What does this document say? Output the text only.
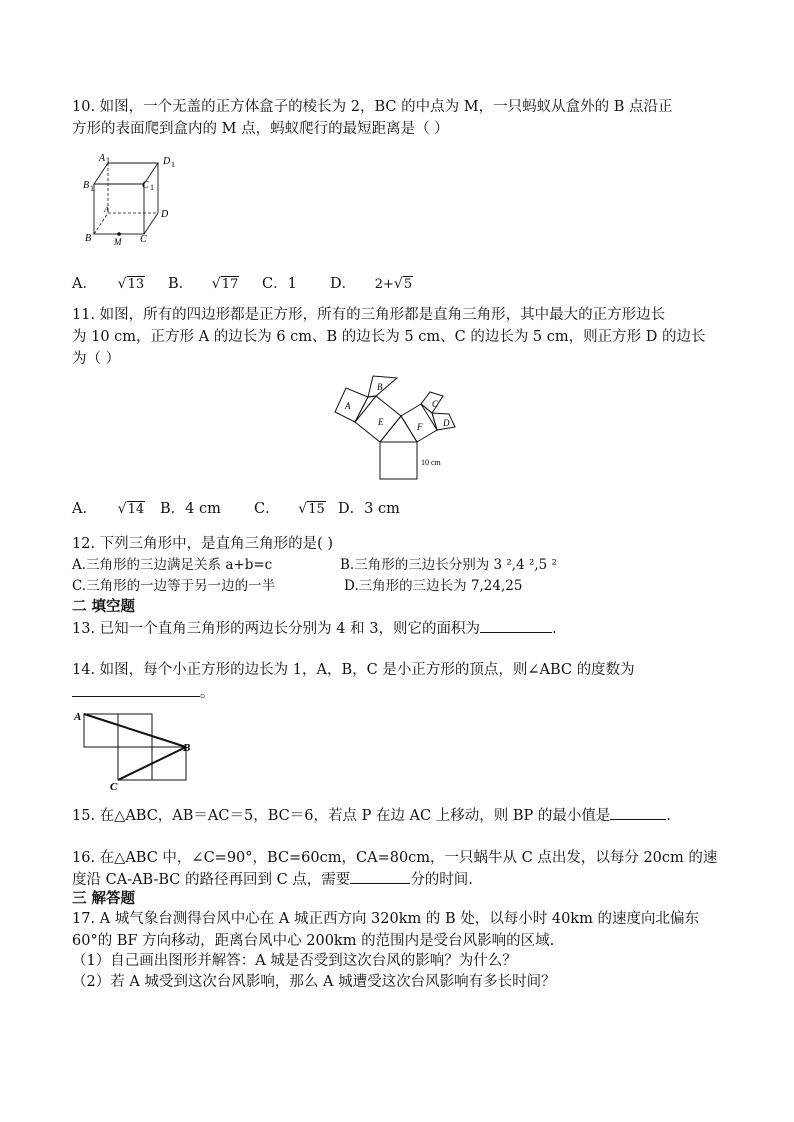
10. 如图，一个无盖的正方体盒子的棱长为 2，BC 的中点为 M，一只蚂蚁从盒外的 B 点沿正
方形的表面爬到盒内的 M 点，蚂蚁爬行的最短距离是（ ）
A 1	D 1
B 1	C 1
A	D
B	C
M
A． √ 13 B． √ 17 C．1 D． 2+ √ 5
11. 如图，所有的四边形都是正方形，所有的三角形都是直角三角形，其中最大的正方形边长
为 10 cm，正方形 A 的边长为 6 cm、B 的边长为 5 cm、C 的边长为 5 cm，则正方形 D 的边长
为（ ）
A
B
C
D
E	F
10 cm
A． √ 14 B．4 cm C． √ 15 D．3 cm
12. 下列三角形中，是直角三角形的是( )
A.三角形的三边满足关系 a+b=c	B.三角形的三边长分别为 3 ²,4 ²,5 ²
C.三角形的一边等于另一边的一半	D.三角形的三边长为 7,24,25
二 填空题
13. 已知一个直角三角形的两边长分别为 4 和 3，则它的面积为	.
14. 如图，每个小正方形的边长为 1，A，B，C 是小正方形的顶点，则∠ABC 的度数为
。
A
B
C
15. 在△ABC，AB＝AC＝5，BC＝6，若点 P 在边 AC 上移动，则 BP 的最小值是	.
16. 在△ABC 中，∠C=90°，BC=60cm，CA=80cm，一只蜗牛从 C 点出发，以每分 20cm 的速
度沿 CA-AB-BC 的路径再回到 C 点，需要	分的时间.
三 解答题
17. A 城气象台测得台风中心在 A 城正西方向 320km 的 B 处，以每小时 40km 的速度向北偏东
60°的 BF 方向移动，距离台风中心 200km 的范围内是受台风影响的区域.
（1）自己画出图形并解答：A 城是否受到这次台风的影响？为什么？
（2）若 A 城受到这次台风影响，那么 A 城遭受这次台风影响有多长时间？
